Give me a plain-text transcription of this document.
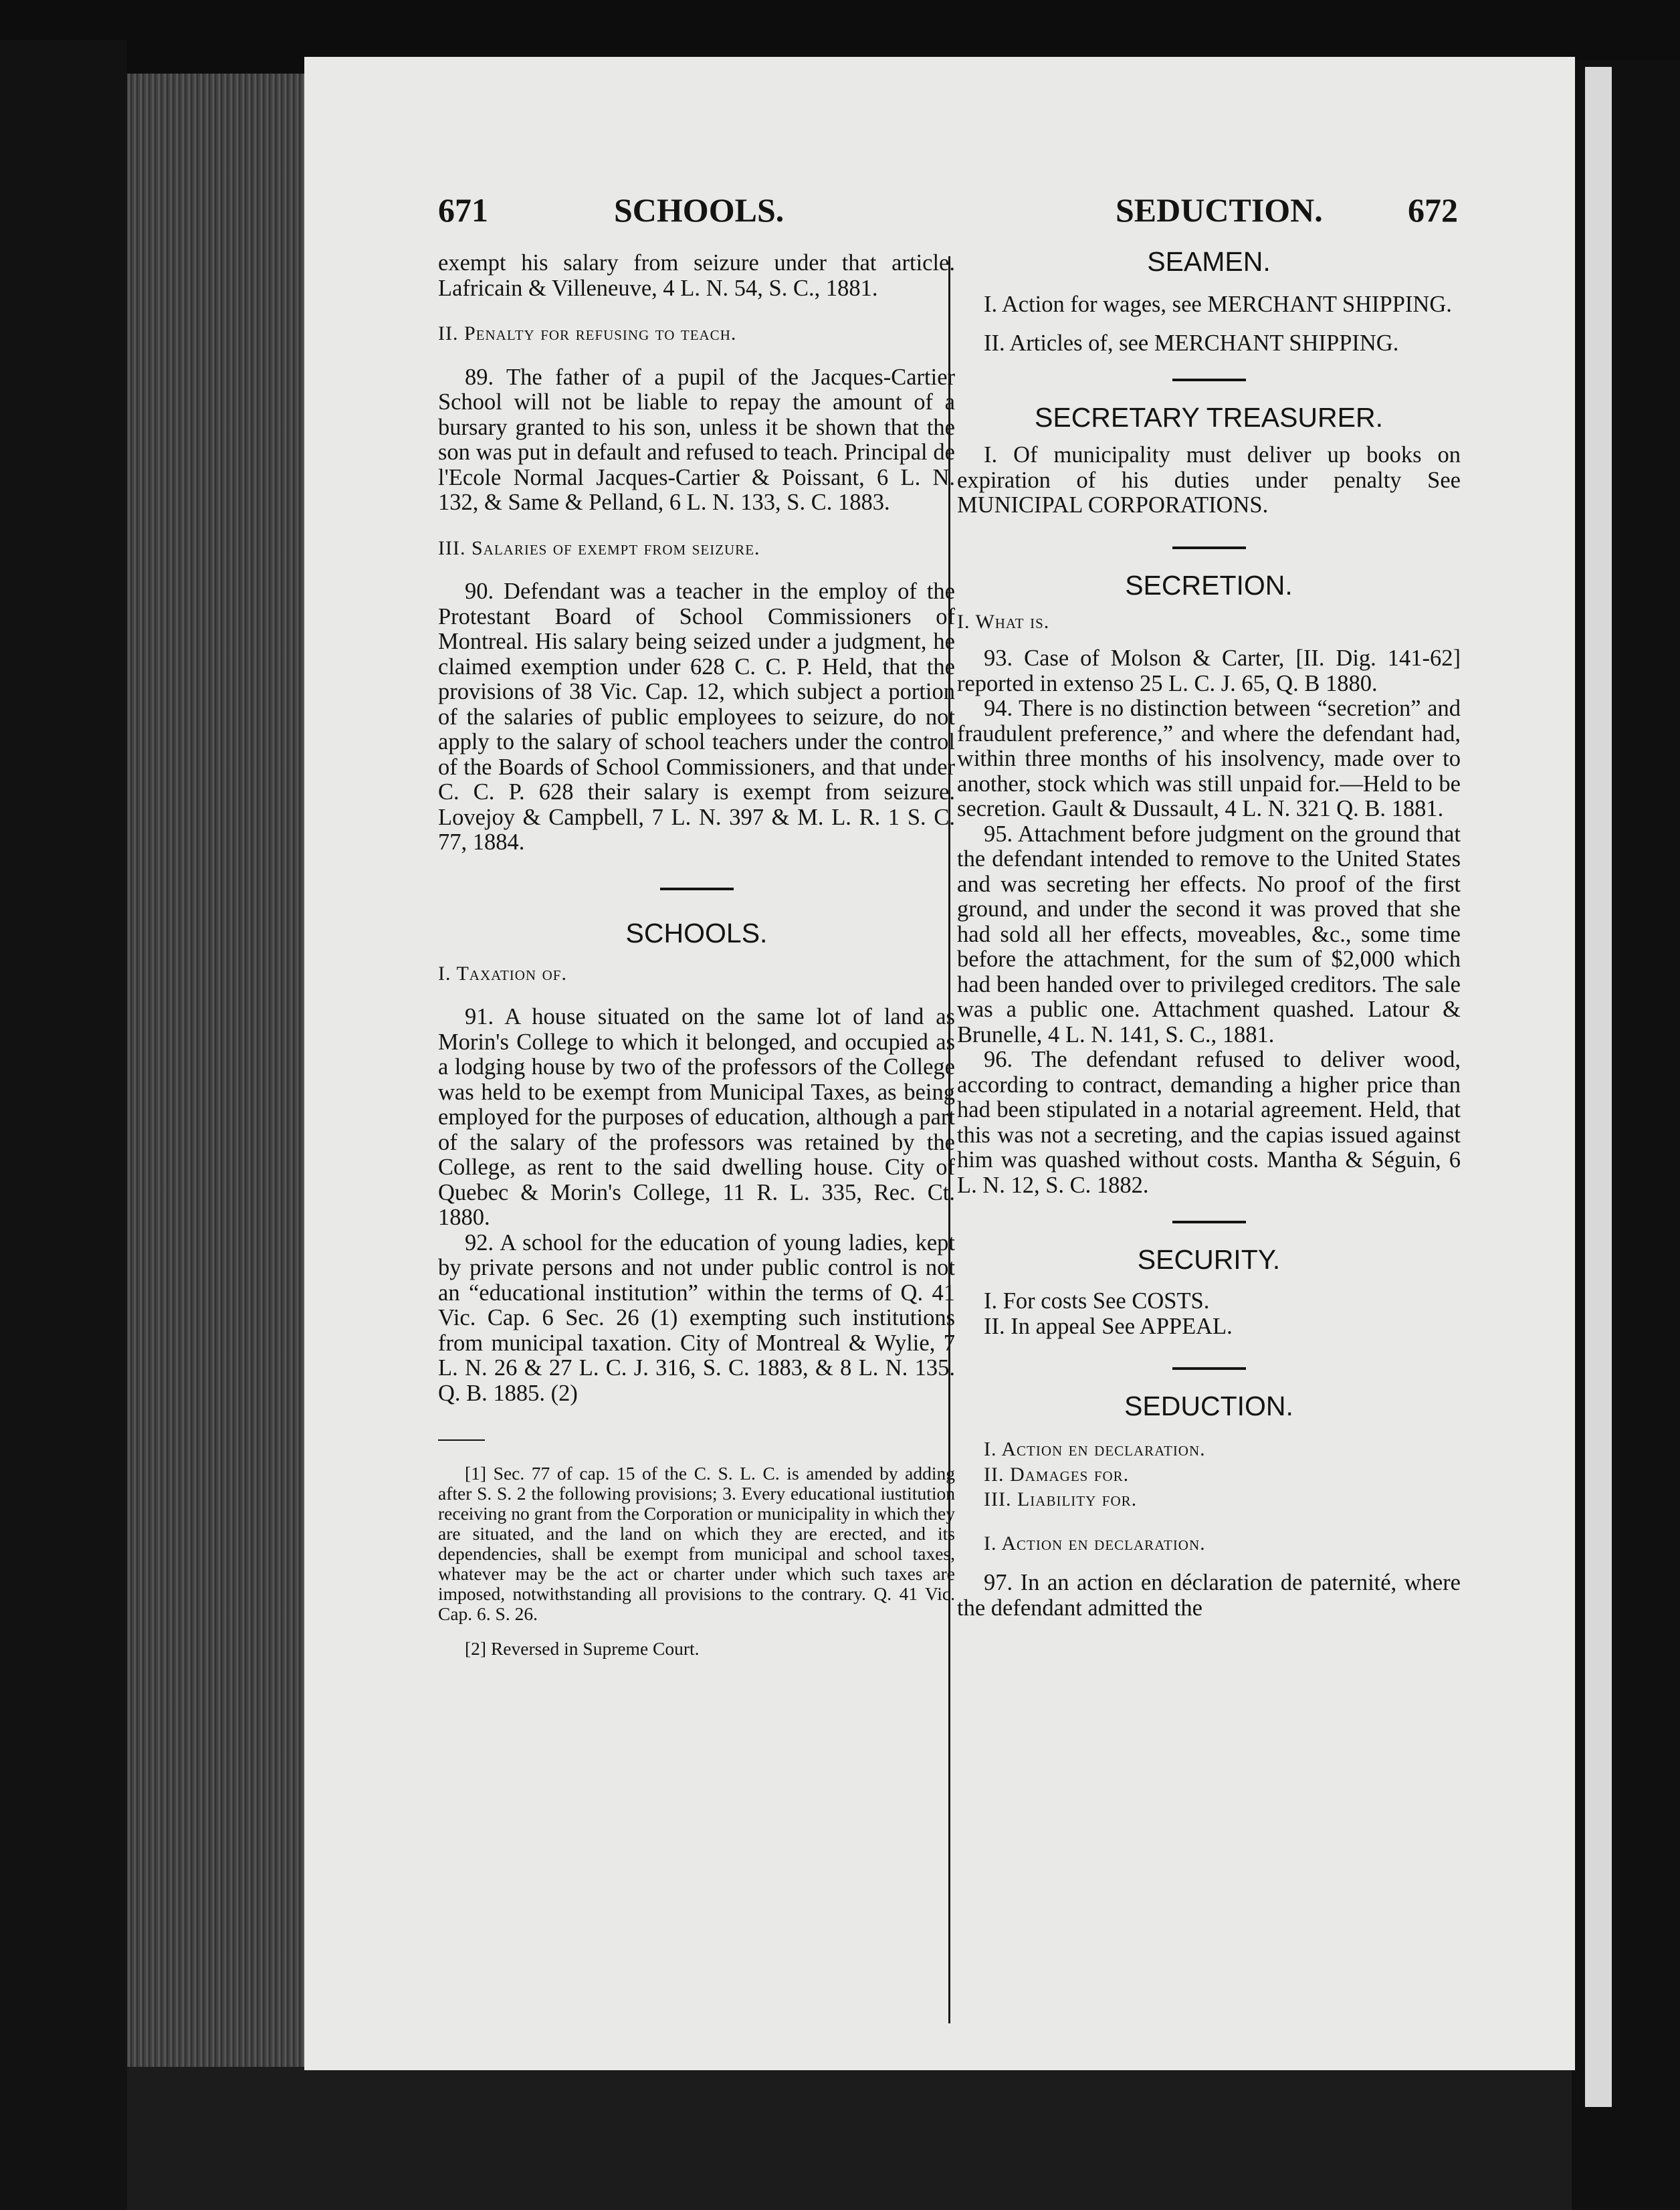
671	SCHOOLS.	SEDUCTION.	672

exempt his salary from seizure under that article. Lafricain & Villeneuve, 4 L. N. 54, S. C., 1881.

II. Penalty for refusing to teach.

89. The father of a pupil of the Jacques-Cartier School will not be liable to repay the amount of a bursary granted to his son, unless it be shown that the son was put in default and refused to teach. Principal de l'Ecole Normal Jacques-Cartier & Poissant, 6 L. N. 132, & Same & Pelland, 6 L. N. 133, S. C. 1883.

III. Salaries of exempt from seizure.

90. Defendant was a teacher in the employ of the Protestant Board of School Commissioners of Montreal. His salary being seized under a judgment, he claimed exemption under 628 C. C. P. Held, that the provisions of 38 Vic. Cap. 12, which subject a portion of the salaries of public employees to seizure, do not apply to the salary of school teachers under the control of the Boards of School Commissioners, and that under C. C. P. 628 their salary is exempt from seizure. Lovejoy & Campbell, 7 L. N. 397 & M. L. R. 1 S. C. 77, 1884.

SCHOOLS.

I. Taxation of.

91. A house situated on the same lot of land as Morin's College to which it belonged, and occupied as a lodging house by two of the professors of the College was held to be exempt from Municipal Taxes, as being employed for the purposes of education, although a part of the salary of the professors was retained by the College, as rent to the said dwelling house. City of Quebec & Morin's College, 11 R. L. 335, Rec. Ct. 1880.

92. A school for the education of young ladies, kept by private persons and not under public control is not an “educational institution” within the terms of Q. 41 Vic. Cap. 6 Sec. 26 (1) exempting such institutions from municipal taxation. City of Montreal & Wylie, 7 L. N. 26 & 27 L. C. J. 316, S. C. 1883, & 8 L. N. 135. Q. B. 1885. (2)

[1] Sec. 77 of cap. 15 of the C. S. L. C. is amended by adding after S. S. 2 the following provisions; 3. Every educational iustitution receiving no grant from the Corporation or municipality in which they are situated, and the land on which they are erected, and its dependencies, shall be exempt from municipal and school taxes, whatever may be the act or charter under which such taxes are imposed, notwithstanding all provisions to the contrary. Q. 41 Vic. Cap. 6. S. 26.

[2] Reversed in Supreme Court.

SEAMEN.

I. Action for wages, see MERCHANT SHIPPING.

II. Articles of, see MERCHANT SHIPPING.

SECRETARY TREASURER.

I. Of municipality must deliver up books on expiration of his duties under penalty See MUNICIPAL CORPORATIONS.

SECRETION.

I. What is.

93. Case of Molson & Carter, [II. Dig. 141-62] reported in extenso 25 L. C. J. 65, Q. B 1880.

94. There is no distinction between “secretion” and fraudulent preference,” and where the defendant had, within three months of his insolvency, made over to another, stock which was still unpaid for.—Held to be secretion. Gault & Dussault, 4 L. N. 321 Q. B. 1881.

95. Attachment before judgment on the ground that the defendant intended to remove to the United States and was secreting her effects. No proof of the first ground, and under the second it was proved that she had sold all her effects, moveables, &c., some time before the attachment, for the sum of $2,000 which had been handed over to privileged creditors. The sale was a public one. Attachment quashed. Latour & Brunelle, 4 L. N. 141, S. C., 1881.

96. The defendant refused to deliver wood, according to contract, demanding a higher price than had been stipulated in a notarial agreement. Held, that this was not a secreting, and the capias issued against him was quashed without costs. Mantha & Séguin, 6 L. N. 12, S. C. 1882.

SECURITY.

I. For costs See COSTS.

II. In appeal See APPEAL.

SEDUCTION.

I. Action en declaration.

II. Damages for.

III. Liability for.

I. Action en declaration.

97. In an action en déclaration de paternité, where the defendant admitted the
